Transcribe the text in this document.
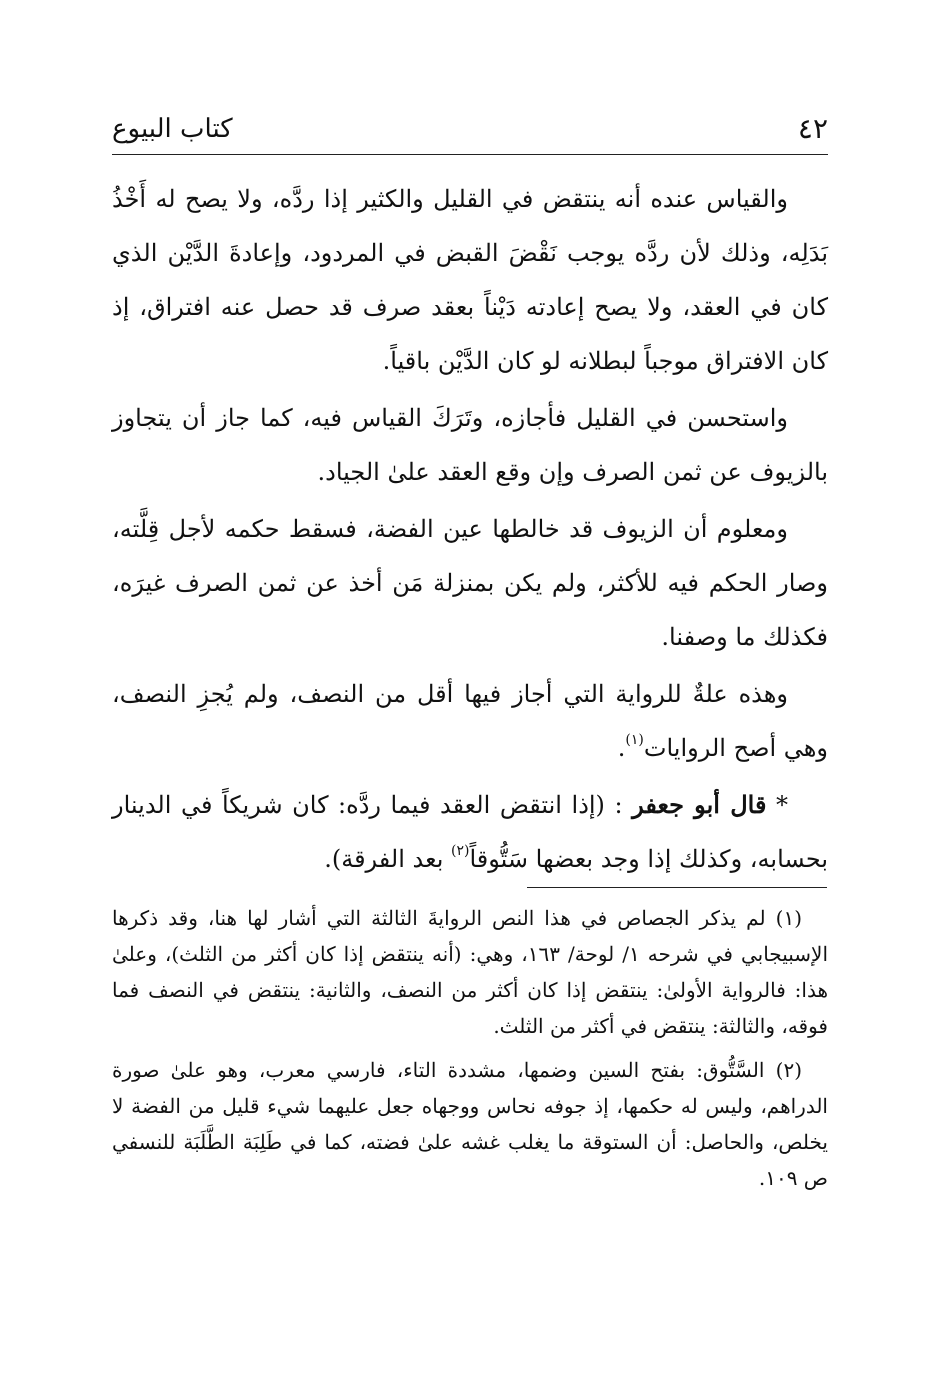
٤٢
كتاب البيوع

والقياس عنده أنه ينتقض في القليل والكثير إذا ردَّه، ولا يصح له أَخْذُ بَدَلِه، وذلك لأن ردَّه يوجب نَقْضَ القبض في المردود، وإعادةَ الدَّيْن الذي كان في العقد، ولا يصح إعادته دَيْناً بعقد صرف قد حصل عنه افتراق، إذ كان الافتراق موجباً لبطلانه لو كان الدَّيْن باقياً.

واستحسن في القليل فأجازه، وتَرَكَ القياس فيه، كما جاز أن يتجاوز بالزيوف عن ثمن الصرف وإن وقع العقد علىٰ الجياد.

ومعلوم أن الزيوف قد خالطها عين الفضة، فسقط حكمه لأجل قِلَّته، وصار الحكم فيه للأكثر، ولم يكن بمنزلة مَن أخذ عن ثمن الصرف غيرَه، فكذلك ما وصفنا.

وهذه علةٌ للرواية التي أجاز فيها أقل من النصف، ولم يُجزِ النصف، وهي أصح الروايات$^{(١)}$.

* قال أبو جعفر : (إذا انتقض العقد فيما ردَّه: كان شريكاً في الدينار بحسابه، وكذلك إذا وجد بعضها سَتُّوقاً$^{(٢)}$ بعد الفرقة).

(١) لم يذكر الجصاص في هذا النص الروايةَ الثالثة التي أشار لها هنا، وقد ذكرها الإسبيجابي في شرحه ١/ لوحة/ ١٦٣، وهي: (أنه ينتقض إذا كان أكثر من الثلث)، وعلىٰ هذا: فالرواية الأولىٰ: ينتقض إذا كان أكثر من النصف، والثانية: ينتقض في النصف فما فوقه، والثالثة: ينتقض في أكثر من الثلث.

(٢) السَّتُّوق: بفتح السين وضمها، مشددة التاء، فارسي معرب، وهو علىٰ صورة الدراهم، وليس له حكمها، إذ جوفه نحاس ووجهاه جعل عليهما شيء قليل من الفضة لا يخلص، والحاصل: أن الستوقة ما يغلب غشه علىٰ فضته، كما في طَلِبَة الطَّلَبَة للنسفي ص ١٠٩.
